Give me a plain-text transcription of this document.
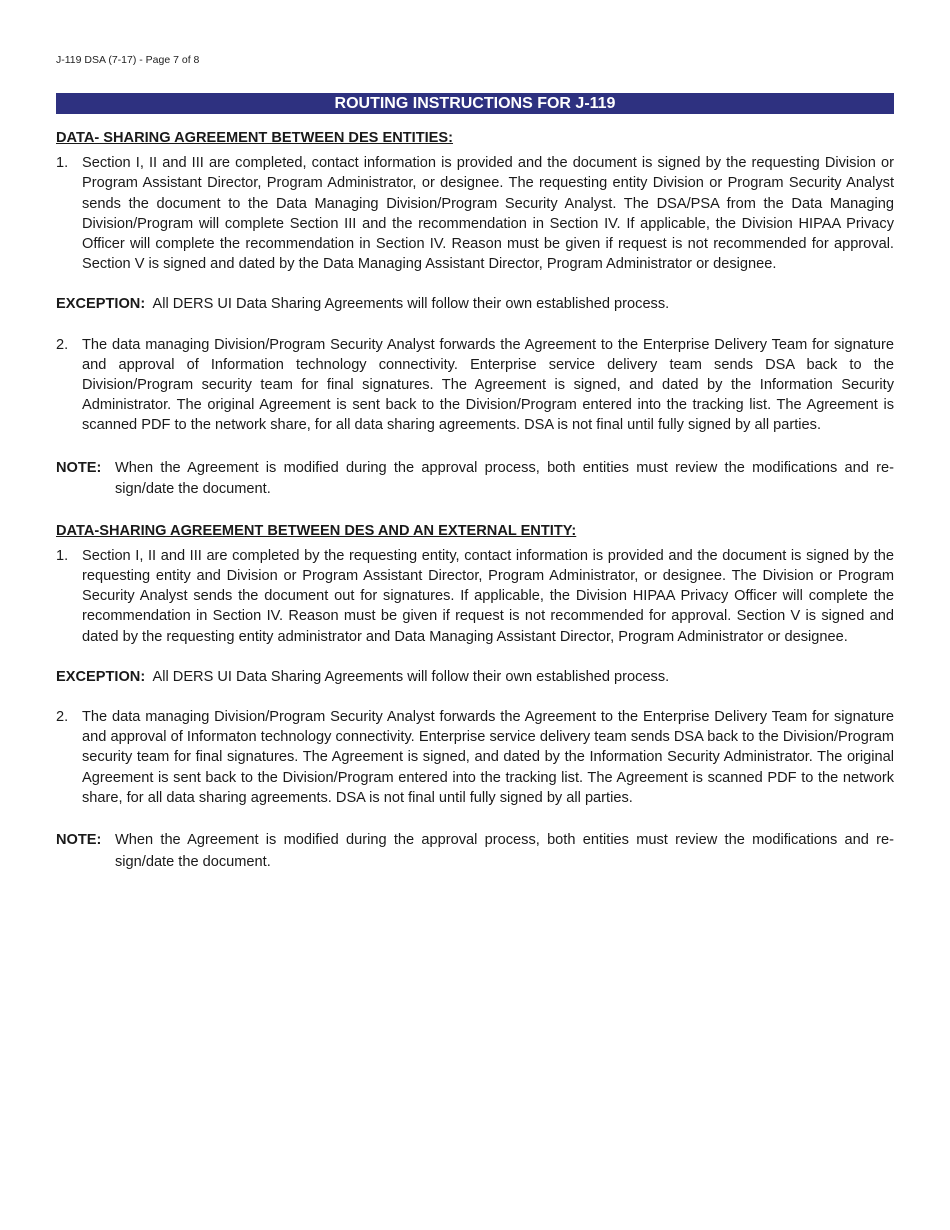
J-119 DSA (7-17) - Page 7 of 8
ROUTING INSTRUCTIONS FOR J-119
DATA- SHARING AGREEMENT BETWEEN DES ENTITIES:
1. Section I, II and III are completed, contact information is provided and the document is signed by the requesting Division or Program Assistant Director, Program Administrator, or designee. The requesting entity Division or Program Security Analyst sends the document to the Data Managing Division/Program Security Analyst. The DSA/PSA from the Data Managing Division/Program will complete Section III and the recommendation in Section IV. If applicable, the Division HIPAA Privacy Officer will complete the recommendation in Section IV. Reason must be given if request is not recommended for approval. Section V is signed and dated by the Data Managing Assistant Director, Program Administrator or designee.
EXCEPTION: All DERS UI Data Sharing Agreements will follow their own established process.
2. The data managing Division/Program Security Analyst forwards the Agreement to the Enterprise Delivery Team for signature and approval of Information technology connectivity. Enterprise service delivery team sends DSA back to the Division/Program security team for final signatures. The Agreement is signed, and dated by the Information Security Administrator. The original Agreement is sent back to the Division/Program entered into the tracking list. The Agreement is scanned PDF to the network share, for all data sharing agreements. DSA is not final until fully signed by all parties.
NOTE: When the Agreement is modified during the approval process, both entities must review the modifications and re-sign/date the document.
DATA-SHARING AGREEMENT BETWEEN DES AND AN EXTERNAL ENTITY:
1. Section I, II and III are completed by the requesting entity, contact information is provided and the document is signed by the requesting entity and Division or Program Assistant Director, Program Administrator, or designee. The Division or Program Security Analyst sends the document out for signatures. If applicable, the Division HIPAA Privacy Officer will complete the recommendation in Section IV. Reason must be given if request is not recommended for approval. Section V is signed and dated by the requesting entity administrator and Data Managing Assistant Director, Program Administrator or designee.
EXCEPTION: All DERS UI Data Sharing Agreements will follow their own established process.
2. The data managing Division/Program Security Analyst forwards the Agreement to the Enterprise Delivery Team for signature and approval of Informaton technology connectivity. Enterprise service delivery team sends DSA back to the Division/Program security team for final signatures. The Agreement is signed, and dated by the Information Security Administrator. The original Agreement is sent back to the Division/Program entered into the tracking list. The Agreement is scanned PDF to the network share, for all data sharing agreements. DSA is not final until fully signed by all parties.
NOTE: When the Agreement is modified during the approval process, both entities must review the modifications and re-sign/date the document.
